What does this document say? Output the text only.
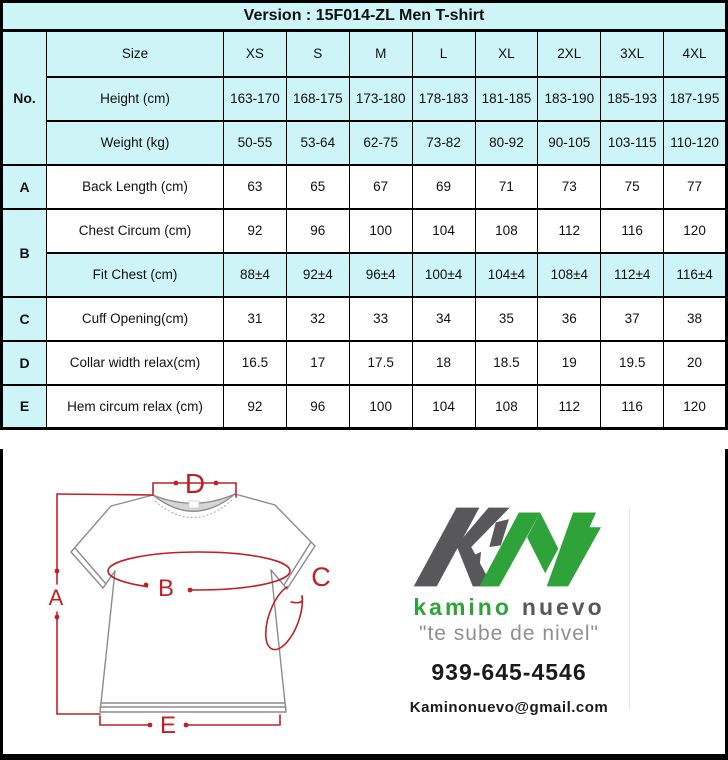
Version : 15F014-ZL Men T-shirt									
No.	Size	XS	S	M	L	XL	2XL	3XL	4XL
	Height (cm)	163-170	168-175	173-180	178-183	181-185	183-190	185-193	187-195
	Weight (kg)	50-55	53-64	62-75	73-82	80-92	90-105	103-115	110-120
A	Back Length (cm)	63	65	67	69	71	73	75	77
B	Chest Circum (cm)	92	96	100	104	108	112	116	120
	Fit Chest (cm)	88±4	92±4	96±4	100±4	104±4	108±4	112±4	116±4
C	Cuff Opening(cm)	31	32	33	34	35	36	37	38
D	Collar width relax(cm)	16.5	17	17.5	18	18.5	19	19.5	20
E	Hem circum relax (cm)	92	96	100	104	108	112	116	120
D
A	B	C
E
kamino nuevo
"te sube de nivel"
939-645-4546
Kaminonuevo@gmail.com
